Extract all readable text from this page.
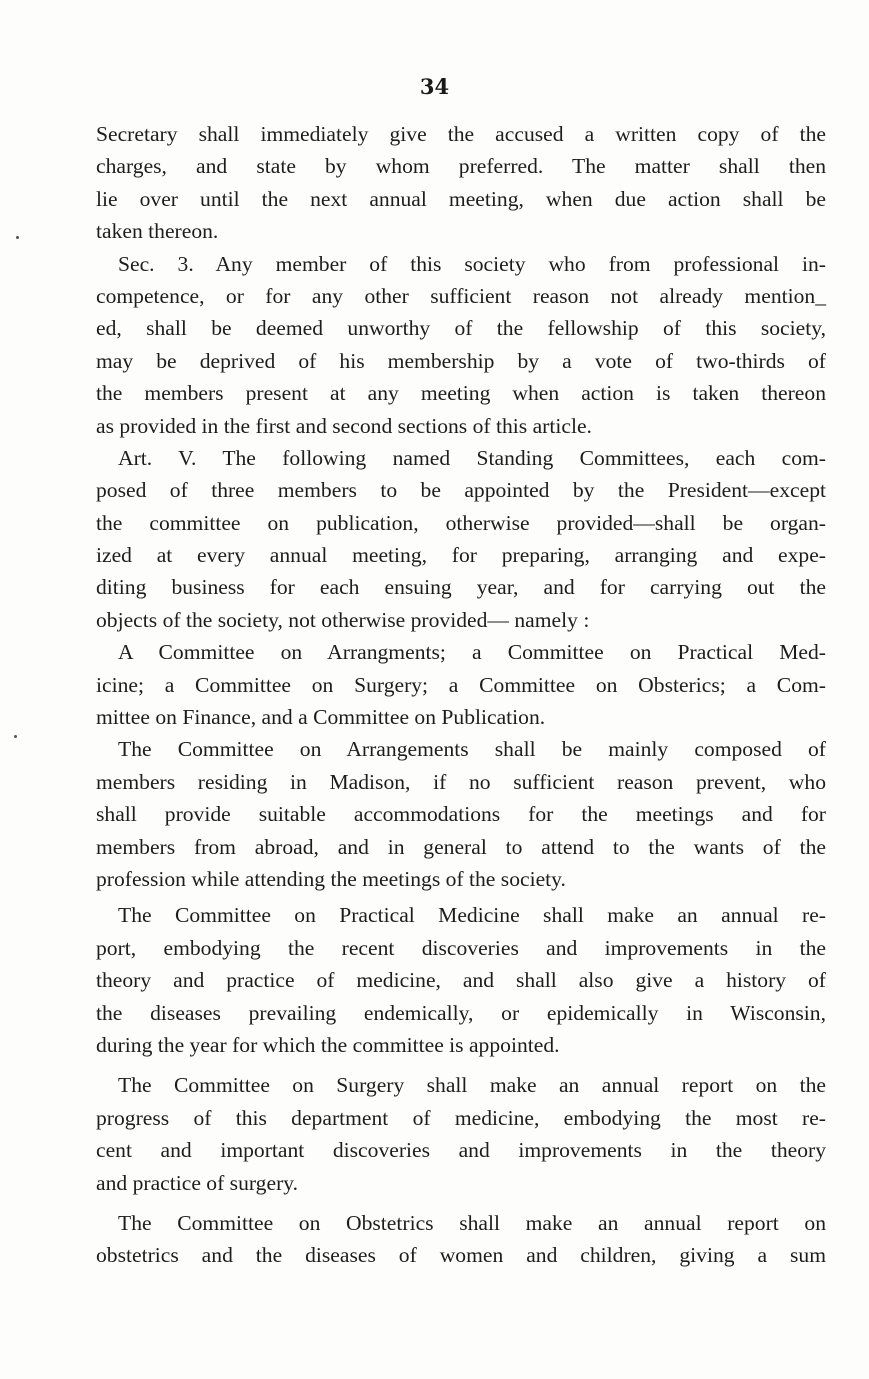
34
Secretary shall immediately give the accused a written copy of the
charges, and state by whom preferred. The matter shall then
lie over until the next annual meeting, when due action shall be
taken thereon.
Sec. 3. Any member of this society who from professional in-
competence, or for any other sufficient reason not already mention_
ed, shall be deemed unworthy of the fellowship of this society,
may be deprived of his membership by a vote of two-thirds of
the members present at any meeting when action is taken thereon
as provided in the first and second sections of this article.
Art. V. The following named Standing Committees, each com-
posed of three members to be appointed by the President—except
the committee on publication, otherwise provided—shall be organ-
ized at every annual meeting, for preparing, arranging and expe-
diting business for each ensuing year, and for carrying out the
objects of the society, not otherwise provided— namely :
A Committee on Arrangments; a Committee on Practical Med-
icine; a Committee on Surgery; a Committee on Obsterics; a Com-
mittee on Finance, and a Committee on Publication.
The Committee on Arrangements shall be mainly composed of
members residing in Madison, if no sufficient reason prevent, who
shall provide suitable accommodations for the meetings and for
members from abroad, and in general to attend to the wants of the
profession while attending the meetings of the society.
The Committee on Practical Medicine shall make an annual re-
port, embodying the recent discoveries and improvements in the
theory and practice of medicine, and shall also give a history of
the diseases prevailing endemically, or epidemically in Wisconsin,
during the year for which the committee is appointed.
The Committee on Surgery shall make an annual report on the
progress of this department of medicine, embodying the most re-
cent and important discoveries and improvements in the theory
and practice of surgery.
The Committee on Obstetrics shall make an annual report on
obstetrics and the diseases of women and children, giving a sum
